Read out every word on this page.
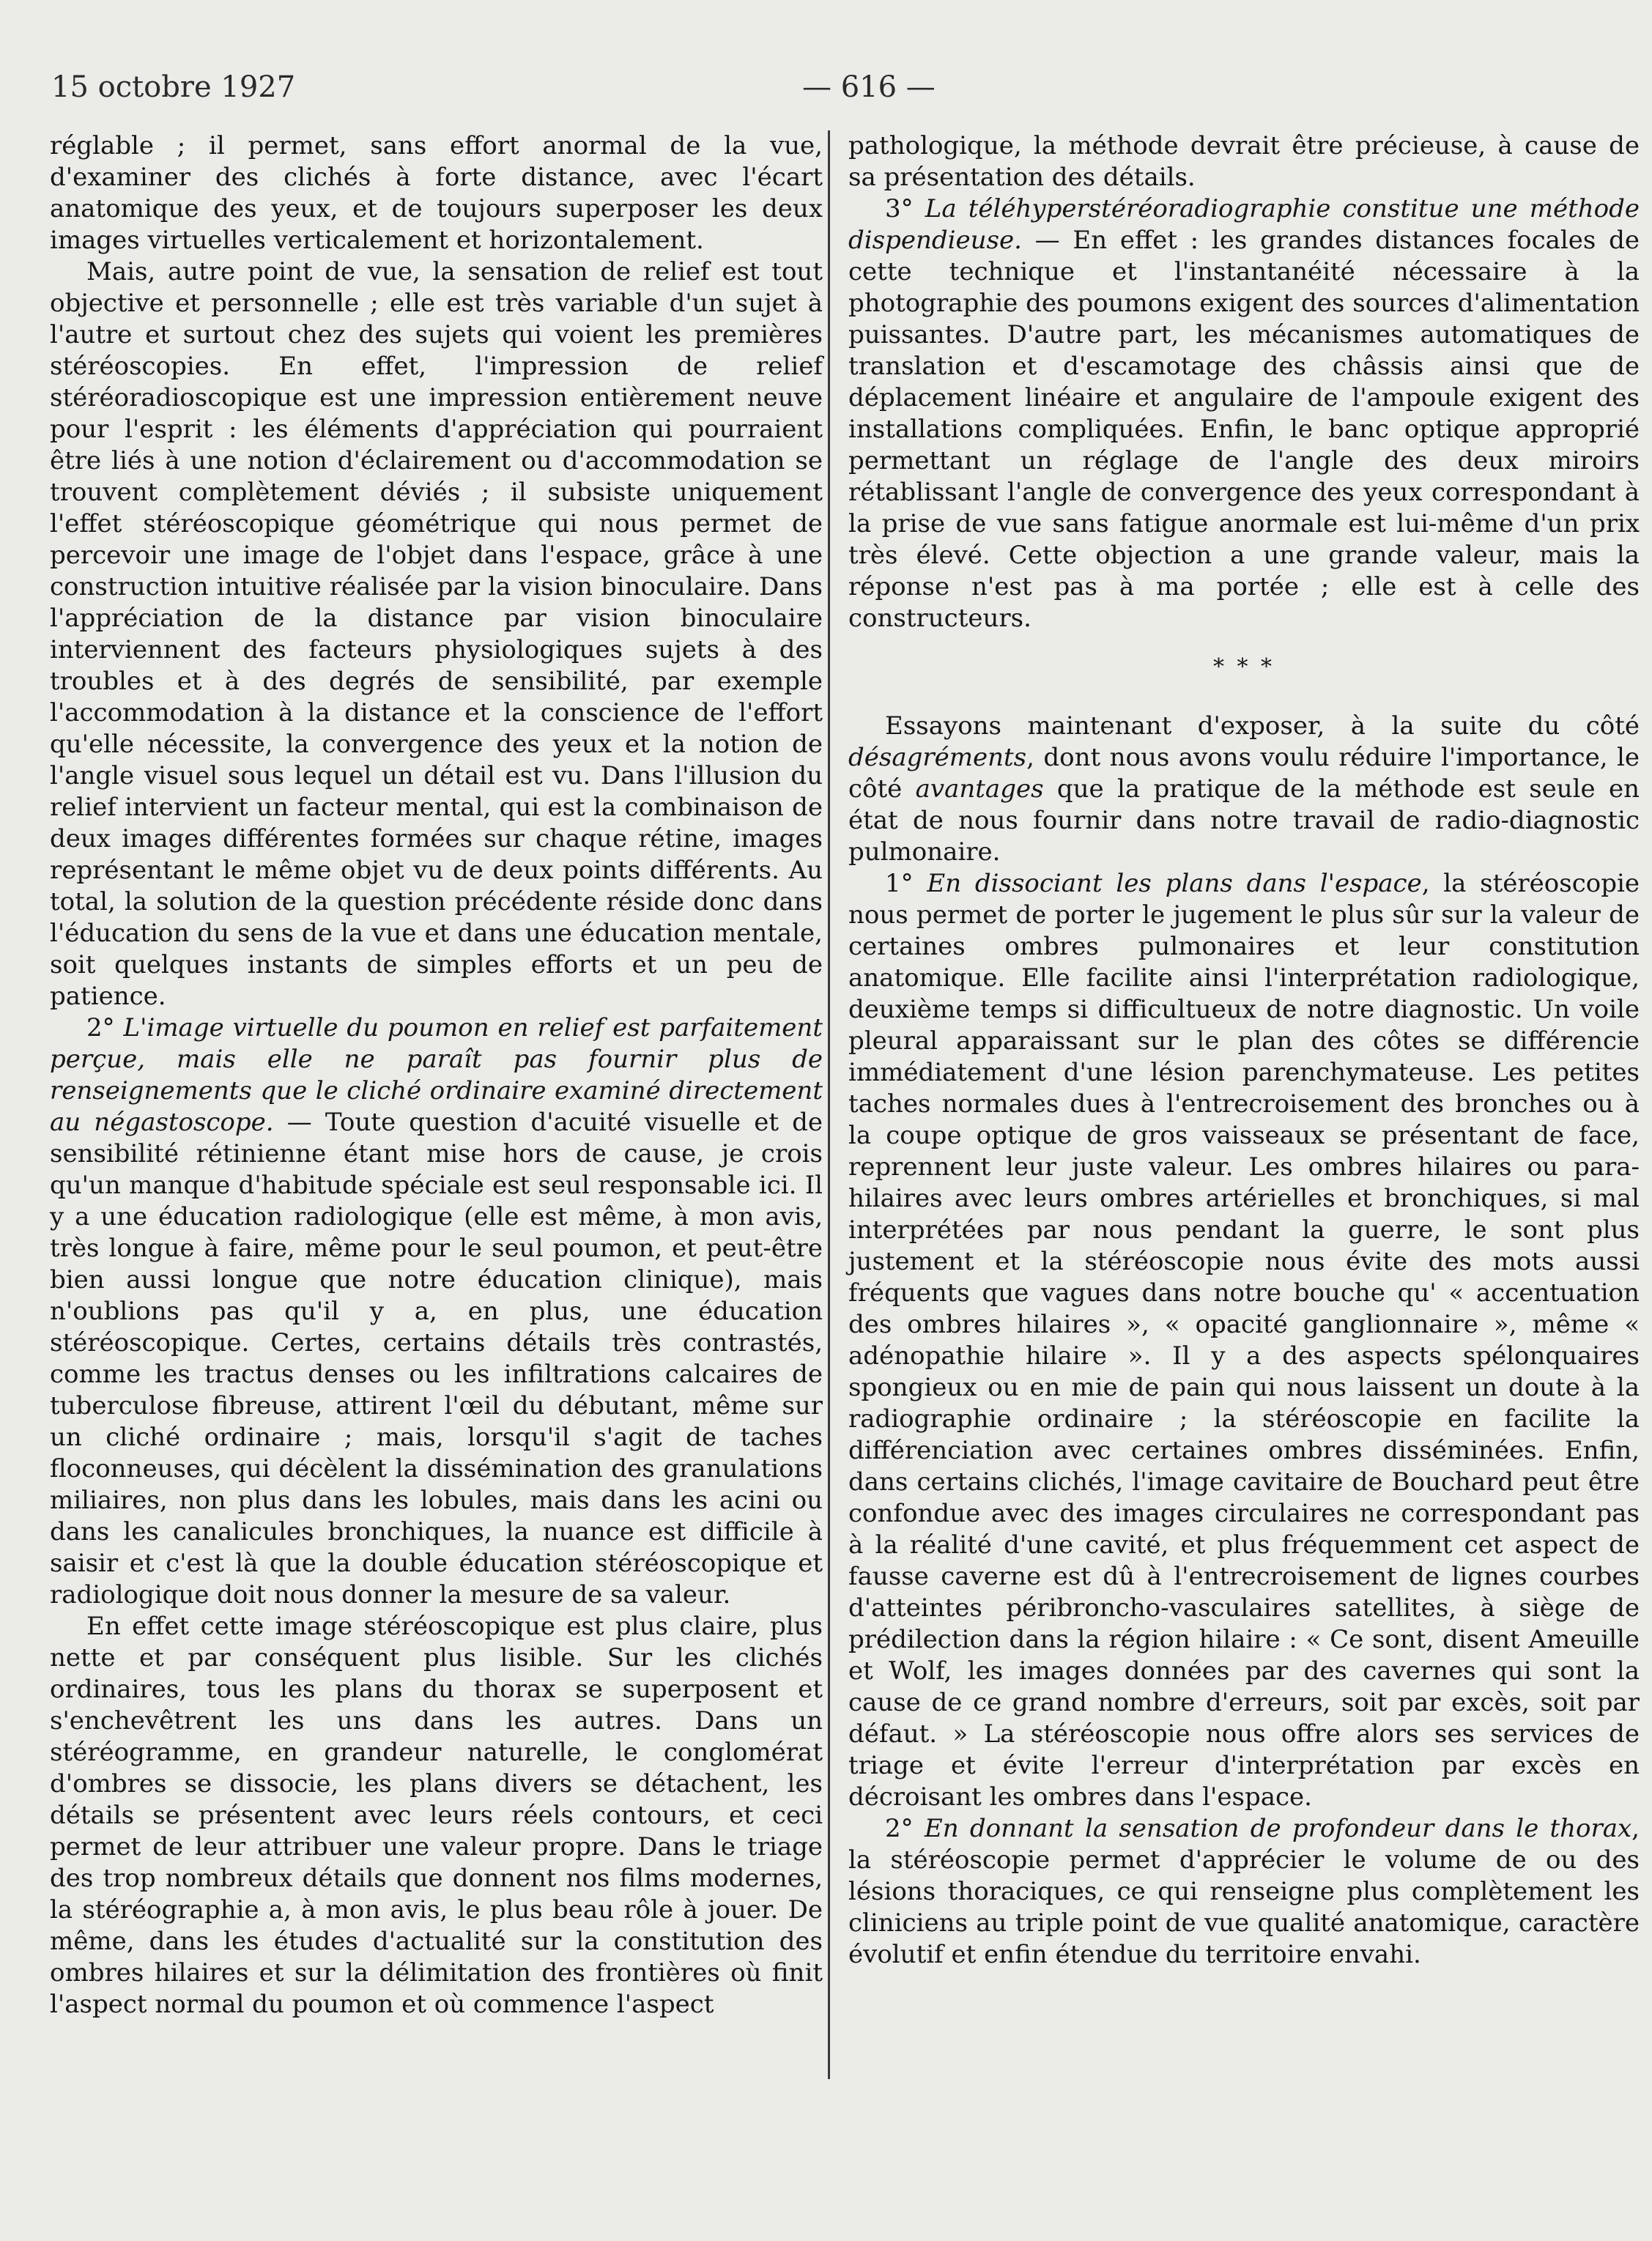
15 octobre 1927	— 616 —

réglable ; il permet, sans effort anormal de la vue, d'examiner des clichés à forte distance, avec l'écart anatomique des yeux, et de toujours superposer les deux images virtuelles verticalement et horizontalement.

Mais, autre point de vue, la sensation de relief est tout objective et personnelle ; elle est très variable d'un sujet à l'autre et surtout chez des sujets qui voient les premières stéréoscopies. En effet, l'impression de relief stéréoradioscopique est une impression entièrement neuve pour l'esprit : les éléments d'appréciation qui pourraient être liés à une notion d'éclairement ou d'accommodation se trouvent complètement déviés ; il subsiste uniquement l'effet stéréoscopique géométrique qui nous permet de percevoir une image de l'objet dans l'espace, grâce à une construction intuitive réalisée par la vision binoculaire. Dans l'appréciation de la distance par vision binoculaire interviennent des facteurs physiologiques sujets à des troubles et à des degrés de sensibilité, par exemple l'accommodation à la distance et la conscience de l'effort qu'elle nécessite, la convergence des yeux et la notion de l'angle visuel sous lequel un détail est vu. Dans l'illusion du relief intervient un facteur mental, qui est la combinaison de deux images différentes formées sur chaque rétine, images représentant le même objet vu de deux points différents. Au total, la solution de la question précédente réside donc dans l'éducation du sens de la vue et dans une éducation mentale, soit quelques instants de simples efforts et un peu de patience.

2° L'image virtuelle du poumon en relief est parfaitement perçue, mais elle ne paraît pas fournir plus de renseignements que le cliché ordinaire examiné directement au négastoscope. — Toute question d'acuité visuelle et de sensibilité rétinienne étant mise hors de cause, je crois qu'un manque d'habitude spéciale est seul responsable ici. Il y a une éducation radiologique (elle est même, à mon avis, très longue à faire, même pour le seul poumon, et peut-être bien aussi longue que notre éducation clinique), mais n'oublions pas qu'il y a, en plus, une éducation stéréoscopique. Certes, certains détails très contrastés, comme les tractus denses ou les infiltrations calcaires de tuberculose fibreuse, attirent l'œil du débutant, même sur un cliché ordinaire ; mais, lorsqu'il s'agit de taches floconneuses, qui décèlent la dissémination des granulations miliaires, non plus dans les lobules, mais dans les acini ou dans les canalicules bronchiques, la nuance est difficile à saisir et c'est là que la double éducation stéréoscopique et radiologique doit nous donner la mesure de sa valeur.

En effet cette image stéréoscopique est plus claire, plus nette et par conséquent plus lisible. Sur les clichés ordinaires, tous les plans du thorax se superposent et s'enchevêtrent les uns dans les autres. Dans un stéréogramme, en grandeur naturelle, le conglomérat d'ombres se dissocie, les plans divers se détachent, les détails se présentent avec leurs réels contours, et ceci permet de leur attribuer une valeur propre. Dans le triage des trop nombreux détails que donnent nos films modernes, la stéréographie a, à mon avis, le plus beau rôle à jouer. De même, dans les études d'actualité sur la constitution des ombres hilaires et sur la délimitation des frontières où finit l'aspect normal du poumon et où commence l'aspect

pathologique, la méthode devrait être précieuse, à cause de sa présentation des détails.

3° La téléhyperstéréoradiographie constitue une méthode dispendieuse. — En effet : les grandes distances focales de cette technique et l'instantanéité nécessaire à la photographie des poumons exigent des sources d'alimentation puissantes. D'autre part, les mécanismes automatiques de translation et d'escamotage des châssis ainsi que de déplacement linéaire et angulaire de l'ampoule exigent des installations compliquées. Enfin, le banc optique approprié permettant un réglage de l'angle des deux miroirs rétablissant l'angle de convergence des yeux correspondant à la prise de vue sans fatigue anormale est lui-même d'un prix très élevé. Cette objection a une grande valeur, mais la réponse n'est pas à ma portée ; elle est à celle des constructeurs.

* * *

Essayons maintenant d'exposer, à la suite du côté désagréments, dont nous avons voulu réduire l'importance, le côté avantages que la pratique de la méthode est seule en état de nous fournir dans notre travail de radio-diagnostic pulmonaire.

1° En dissociant les plans dans l'espace, la stéréoscopie nous permet de porter le jugement le plus sûr sur la valeur de certaines ombres pulmonaires et leur constitution anatomique. Elle facilite ainsi l'interprétation radiologique, deuxième temps si difficultueux de notre diagnostic. Un voile pleural apparaissant sur le plan des côtes se différencie immédiatement d'une lésion parenchymateuse. Les petites taches normales dues à l'entrecroisement des bronches ou à la coupe optique de gros vaisseaux se présentant de face, reprennent leur juste valeur. Les ombres hilaires ou para-hilaires avec leurs ombres artérielles et bronchiques, si mal interprétées par nous pendant la guerre, le sont plus justement et la stéréoscopie nous évite des mots aussi fréquents que vagues dans notre bouche qu' « accentuation des ombres hilaires », « opacité ganglionnaire », même « adénopathie hilaire ». Il y a des aspects spélonquaires spongieux ou en mie de pain qui nous laissent un doute à la radiographie ordinaire ; la stéréoscopie en facilite la différenciation avec certaines ombres disséminées. Enfin, dans certains clichés, l'image cavitaire de Bouchard peut être confondue avec des images circulaires ne correspondant pas à la réalité d'une cavité, et plus fréquemment cet aspect de fausse caverne est dû à l'entrecroisement de lignes courbes d'atteintes péribroncho-vasculaires satellites, à siège de prédilection dans la région hilaire : « Ce sont, disent Ameuille et Wolf, les images données par des cavernes qui sont la cause de ce grand nombre d'erreurs, soit par excès, soit par défaut. » La stéréoscopie nous offre alors ses services de triage et évite l'erreur d'interprétation par excès en décroisant les ombres dans l'espace.

2° En donnant la sensation de profondeur dans le thorax, la stéréoscopie permet d'apprécier le volume de ou des lésions thoraciques, ce qui renseigne plus complètement les cliniciens au triple point de vue qualité anatomique, caractère évolutif et enfin étendue du territoire envahi.
